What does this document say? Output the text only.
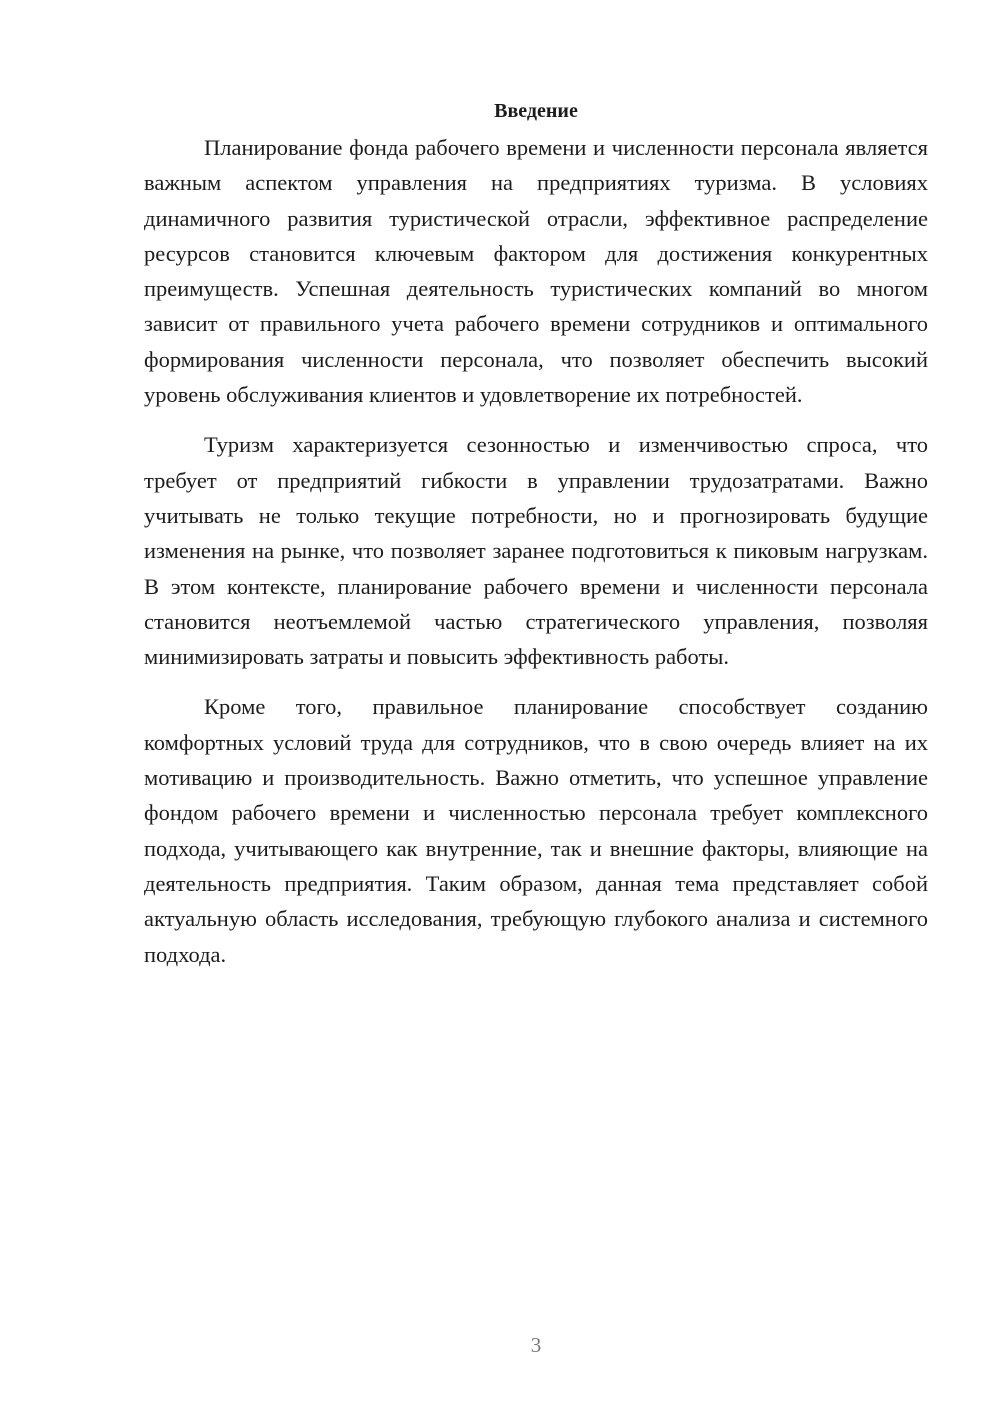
Введение

Планирование фонда рабочего времени и численности персонала является важным аспектом управления на предприятиях туризма. В условиях динамичного развития туристической отрасли, эффективное распределение ресурсов становится ключевым фактором для достижения конкурентных преимуществ. Успешная деятельность туристических компаний во многом зависит от правильного учета рабочего времени сотрудников и оптимального формирования численности персонала, что позволяет обеспечить высокий уровень обслуживания клиентов и удовлетворение их потребностей.

Туризм характеризуется сезонностью и изменчивостью спроса, что требует от предприятий гибкости в управлении трудозатратами. Важно учитывать не только текущие потребности, но и прогнозировать будущие изменения на рынке, что позволяет заранее подготовиться к пиковым нагрузкам. В этом контексте, планирование рабочего времени и численности персонала становится неотъемлемой частью стратегического управления, позволяя минимизировать затраты и повысить эффективность работы.

Кроме того, правильное планирование способствует созданию комфортных условий труда для сотрудников, что в свою очередь влияет на их мотивацию и производительность. Важно отметить, что успешное управление фондом рабочего времени и численностью персонала требует комплексного подхода, учитывающего как внутренние, так и внешние факторы, влияющие на деятельность предприятия. Таким образом, данная тема представляет собой актуальную область исследования, требующую глубокого анализа и системного подхода.

3
